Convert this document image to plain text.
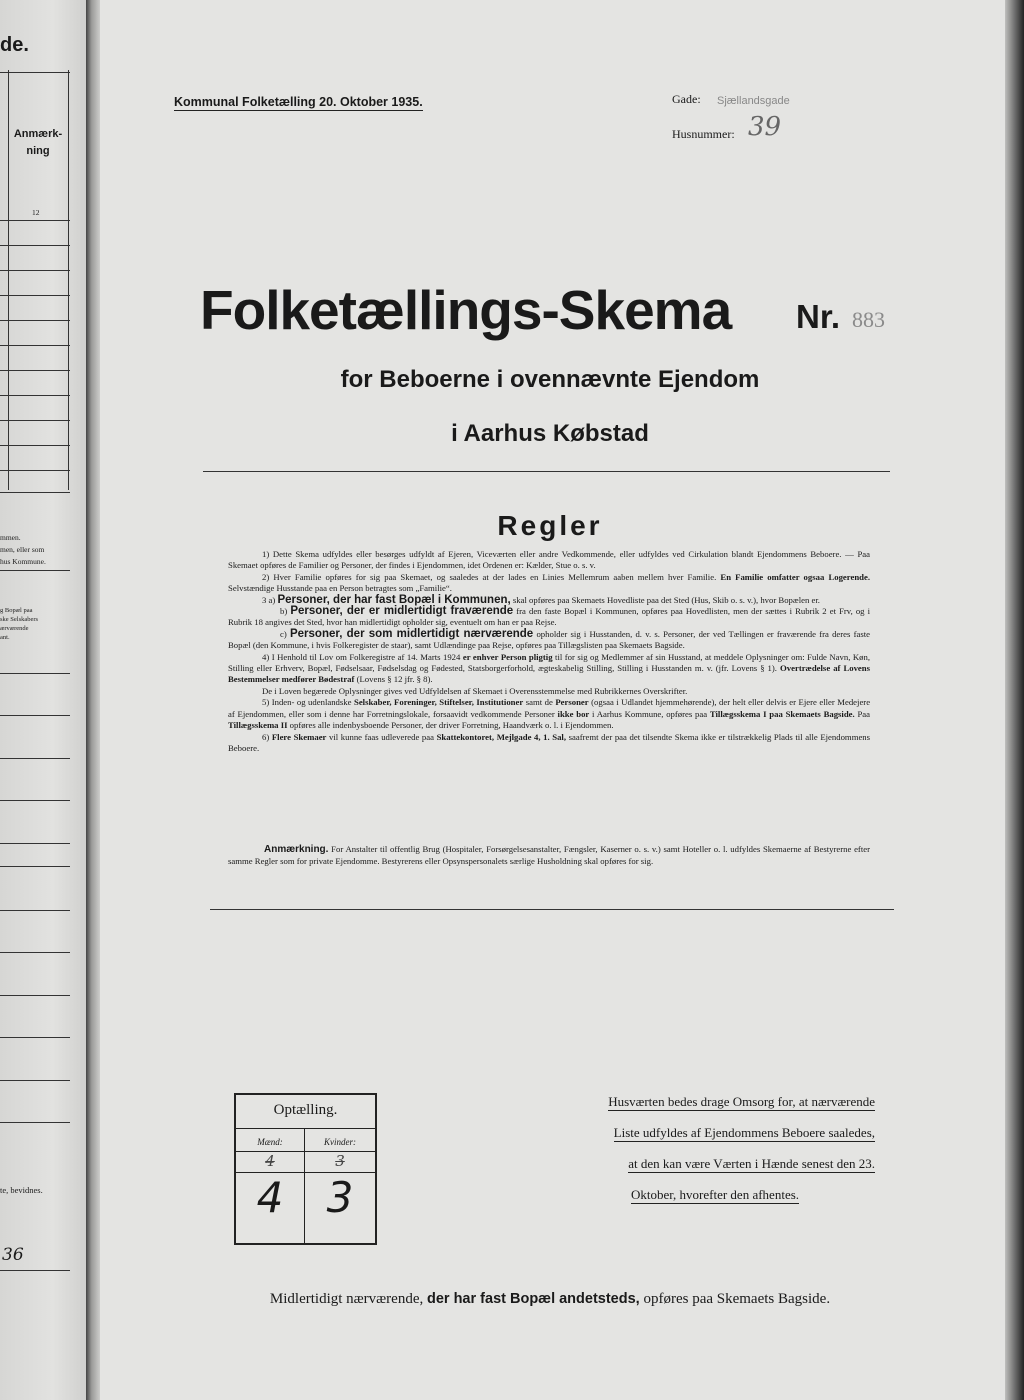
de.
Anmærk-
ning
12
mmen.
men, eller som
hus Kommune.
g Bopæl paa
ske Selskabers
ærværende
ant.
te, bevidnes.
36
Kommunal Folketælling 20. Oktober 1935.	Gade: Sjællandsgade
Husnummer: 39
Folketællings-Skema Nr. 883
for Beboerne i ovennævnte Ejendom
i Aarhus Købstad
Regler

1) Dette Skema udfyldes eller besørges udfyldt af Ejeren, Viceværten eller andre Vedkommende, eller udfyldes ved Cirkulation blandt Ejendommens Beboere. — Paa Skemaet opføres de Familier og Personer, der findes i Ejendommen, idet Ordenen er: Kælder, Stue o. s. v.

2) Hver Familie opføres for sig paa Skemaet, og saaledes at der lades en Linies Mellemrum aaben mellem hver Familie. En Familie omfatter ogsaa Logerende. Selvstændige Husstande paa en Person betragtes som „Familie“.

3 a) Personer, der har fast Bopæl i Kommunen, skal opføres paa Skemaets Hovedliste paa det Sted (Hus, Skib o. s. v.), hvor Bopælen er.

b) Personer, der er midlertidigt fraværende fra den faste Bopæl i Kommunen, opføres paa Hovedlisten, men der sættes i Rubrik 2 et Frv, og i Rubrik 18 angives det Sted, hvor han midlertidigt opholder sig, eventuelt om han er paa Rejse.

c) Personer, der som midlertidigt nærværende opholder sig i Husstanden, d. v. s. Personer, der ved Tællingen er fraværende fra deres faste Bopæl (den Kommune, i hvis Folkeregister de staar), samt Udlændinge paa Rejse, opføres paa Tillægslisten paa Skemaets Bagside.

4) I Henhold til Lov om Folkeregistre af 14. Marts 1924 er enhver Person pligtig til for sig og Medlemmer af sin Husstand, at meddele Oplysninger om: Fulde Navn, Køn, Stilling eller Erhverv, Bopæl, Fødselsaar, Fødselsdag og Fødested, Statsborgerforhold, ægteskabelig Stilling, Stilling i Husstanden m. v. (jfr. Lovens § 1). Overtrædelse af Lovens Bestemmelser medfører Bødestraf (Lovens § 12 jfr. § 8).

De i Loven begærede Oplysninger gives ved Udfyldelsen af Skemaet i Overensstemmelse med Rubrikkernes Overskrifter.

5) Inden- og udenlandske Selskaber, Foreninger, Stiftelser, Institutioner samt de Personer (ogsaa i Udlandet hjemmehørende), der helt eller delvis er Ejere eller Medejere af Ejendommen, eller som i denne har Forretningslokale, forsaavidt vedkommende Personer ikke bor i Aarhus Kommune, opføres paa Tillægsskema I paa Skemaets Bagside. Paa Tillægsskema II opføres alle indenbysboende Personer, der driver Forretning, Haandværk o. l. i Ejendommen.

6) Flere Skemaer vil kunne faas udleverede paa Skattekontoret, Mejlgade 4, 1. Sal, saafremt der paa det tilsendte Skema ikke er tilstrækkelig Plads til alle Ejendommens Beboere.

Anmærkning. For Anstalter til offentlig Brug (Hospitaler, Forsørgelsesanstalter, Fængsler, Kaserner o. s. v.) samt Hoteller o. l. udfyldes Skemaerne af Bestyrerne efter samme Regler som for private Ejendomme. Bestyrerens eller Opsynspersonalets særlige Husholdning skal opføres for sig.
Optælling.
Mænd:	Kvinder:
4	3
4	3
Husværten bedes drage Omsorg for, at nærværende
Liste udfyldes af Ejendommens Beboere saaledes,
at den kan være Værten i Hænde senest den 23.
Oktober, hvorefter den afhentes.
Midlertidigt nærværende, der har fast Bopæl andetsteds, opføres paa Skemaets Bagside.
